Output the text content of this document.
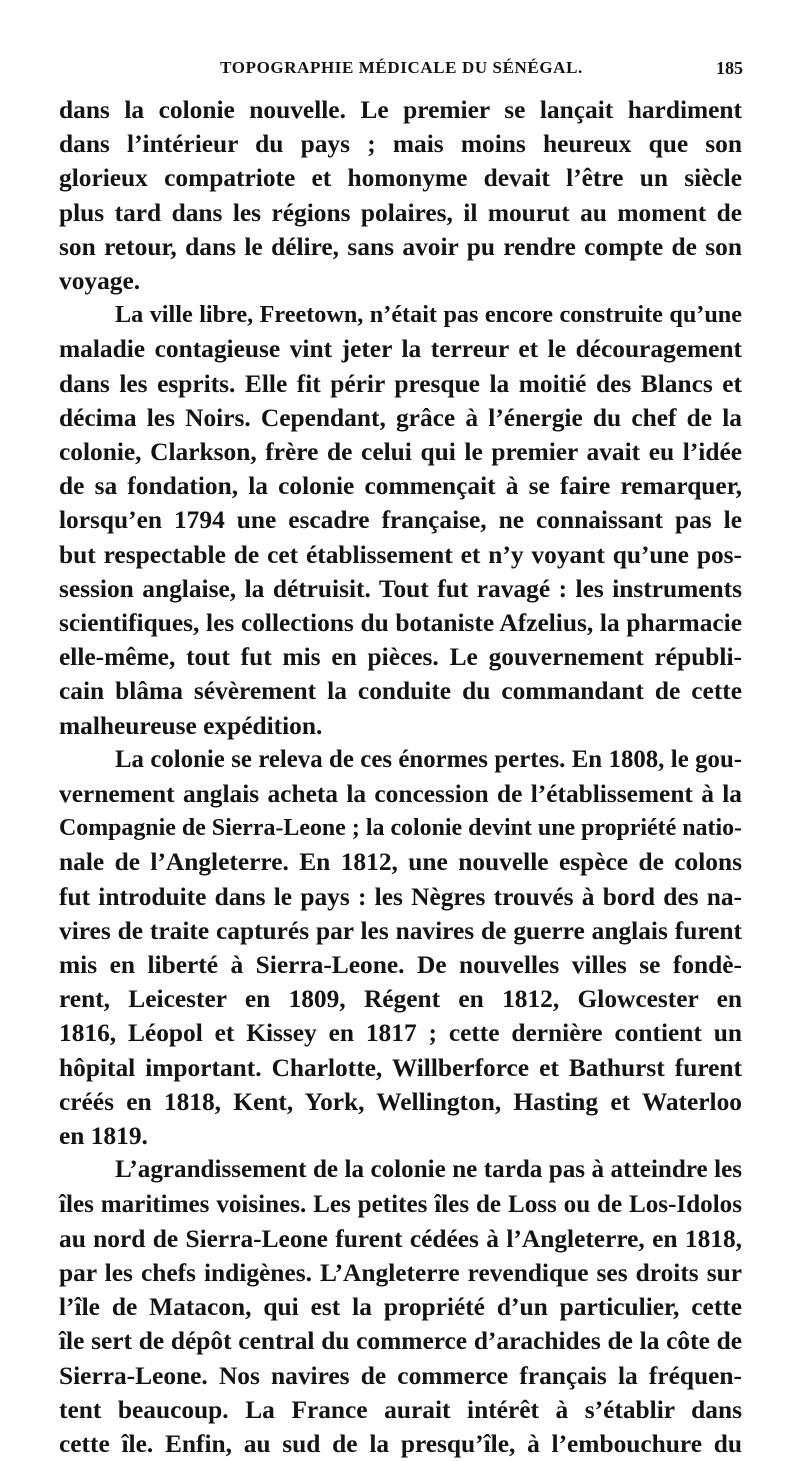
TOPOGRAPHIE MÉDICALE DU SÉNÉGAL.	185
dans la colonie nouvelle. Le premier se lançait hardiment
dans l’intérieur du pays ; mais moins heureux que son
glorieux compatriote et homonyme devait l’être un siècle
plus tard dans les régions polaires, il mourut au moment de
son retour, dans le délire, sans avoir pu rendre compte de son
voyage.
La ville libre, Freetown, n’était pas encore construite qu’une
maladie contagieuse vint jeter la terreur et le découragement
dans les esprits. Elle fit périr presque la moitié des Blancs et
décima les Noirs. Cependant, grâce à l’énergie du chef de la
colonie, Clarkson, frère de celui qui le premier avait eu l’idée
de sa fondation, la colonie commençait à se faire remarquer,
lorsqu’en 1794 une escadre française, ne connaissant pas le
but respectable de cet établissement et n’y voyant qu’une pos-
session anglaise, la détruisit. Tout fut ravagé : les instruments
scientifiques, les collections du botaniste Afzelius, la pharmacie
elle-même, tout fut mis en pièces. Le gouvernement républi-
cain blâma sévèrement la conduite du commandant de cette
malheureuse expédition.
La colonie se releva de ces énormes pertes. En 1808, le gou-
vernement anglais acheta la concession de l’établissement à la
Compagnie de Sierra-Leone ; la colonie devint une propriété natio-
nale de l’Angleterre. En 1812, une nouvelle espèce de colons
fut introduite dans le pays : les Nègres trouvés à bord des na-
vires de traite capturés par les navires de guerre anglais furent
mis en liberté à Sierra-Leone. De nouvelles villes se fondè-
rent, Leicester en 1809, Régent en 1812, Glowcester en
1816, Léopol et Kissey en 1817 ; cette dernière contient un
hôpital important. Charlotte, Willberforce et Bathurst furent
créés en 1818, Kent, York, Wellington, Hasting et Waterloo
en 1819.
L’agrandissement de la colonie ne tarda pas à atteindre les
îles maritimes voisines. Les petites îles de Loss ou de Los-Idolos
au nord de Sierra-Leone furent cédées à l’Angleterre, en 1818,
par les chefs indigènes. L’Angleterre revendique ses droits sur
l’île de Matacon, qui est la propriété d’un particulier, cette
île sert de dépôt central du commerce d’arachides de la côte de
Sierra-Leone. Nos navires de commerce français la fréquen-
tent beaucoup. La France aurait intérêt à s’établir dans
cette île. Enfin, au sud de la presqu’île, à l’embouchure du
